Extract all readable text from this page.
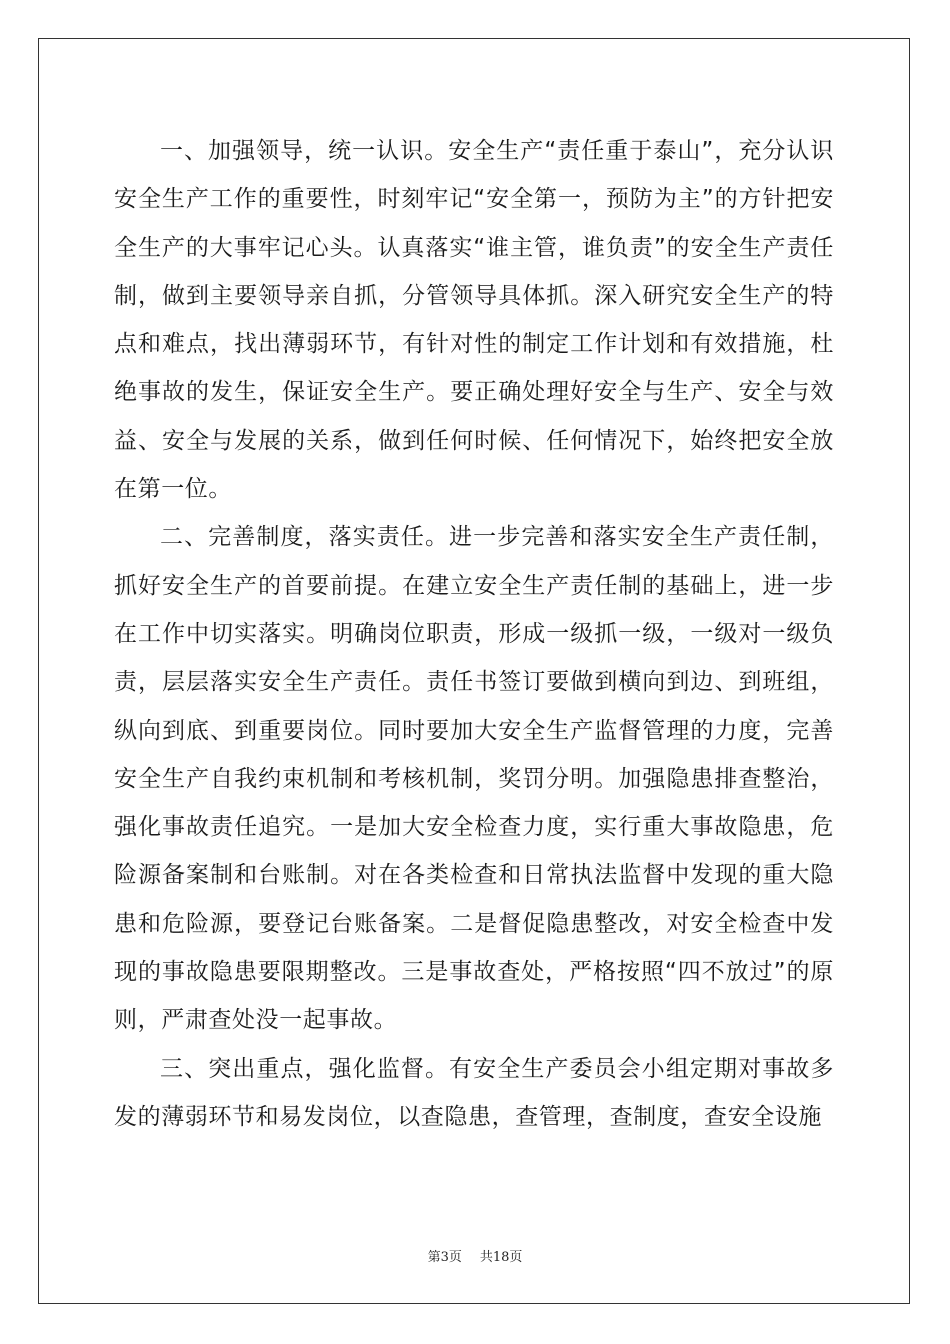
一、加强领导，统一认识。安全生产“责任重于泰山”，充分认识安全生产工作的重要性，时刻牢记“安全第一，预防为主”的方针把安全生产的大事牢记心头。认真落实“谁主管，谁负责”的安全生产责任制，做到主要领导亲自抓，分管领导具体抓。深入研究安全生产的特点和难点，找出薄弱环节，有针对性的制定工作计划和有效措施，杜绝事故的发生，保证安全生产。要正确处理好安全与生产、安全与效益、安全与发展的关系，做到任何时候、任何情况下，始终把安全放在第一位。

二、完善制度，落实责任。进一步完善和落实安全生产责任制，抓好安全生产的首要前提。在建立安全生产责任制的基础上，进一步在工作中切实落实。明确岗位职责，形成一级抓一级，一级对一级负责，层层落实安全生产责任。责任书签订要做到横向到边、到班组，纵向到底、到重要岗位。同时要加大安全生产监督管理的力度，完善安全生产自我约束机制和考核机制，奖罚分明。加强隐患排查整治，强化事故责任追究。一是加大安全检查力度，实行重大事故隐患，危险源备案制和台账制。对在各类检查和日常执法监督中发现的重大隐患和危险源，要登记台账备案。二是督促隐患整改，对安全检查中发现的事故隐患要限期整改。三是事故查处，严格按照“四不放过”的原则，严肃查处没一起事故。

三、突出重点，强化监督。有安全生产委员会小组定期对事故多发的薄弱环节和易发岗位，以查隐患，查管理，查制度，查安全设施

第3页 共18页
